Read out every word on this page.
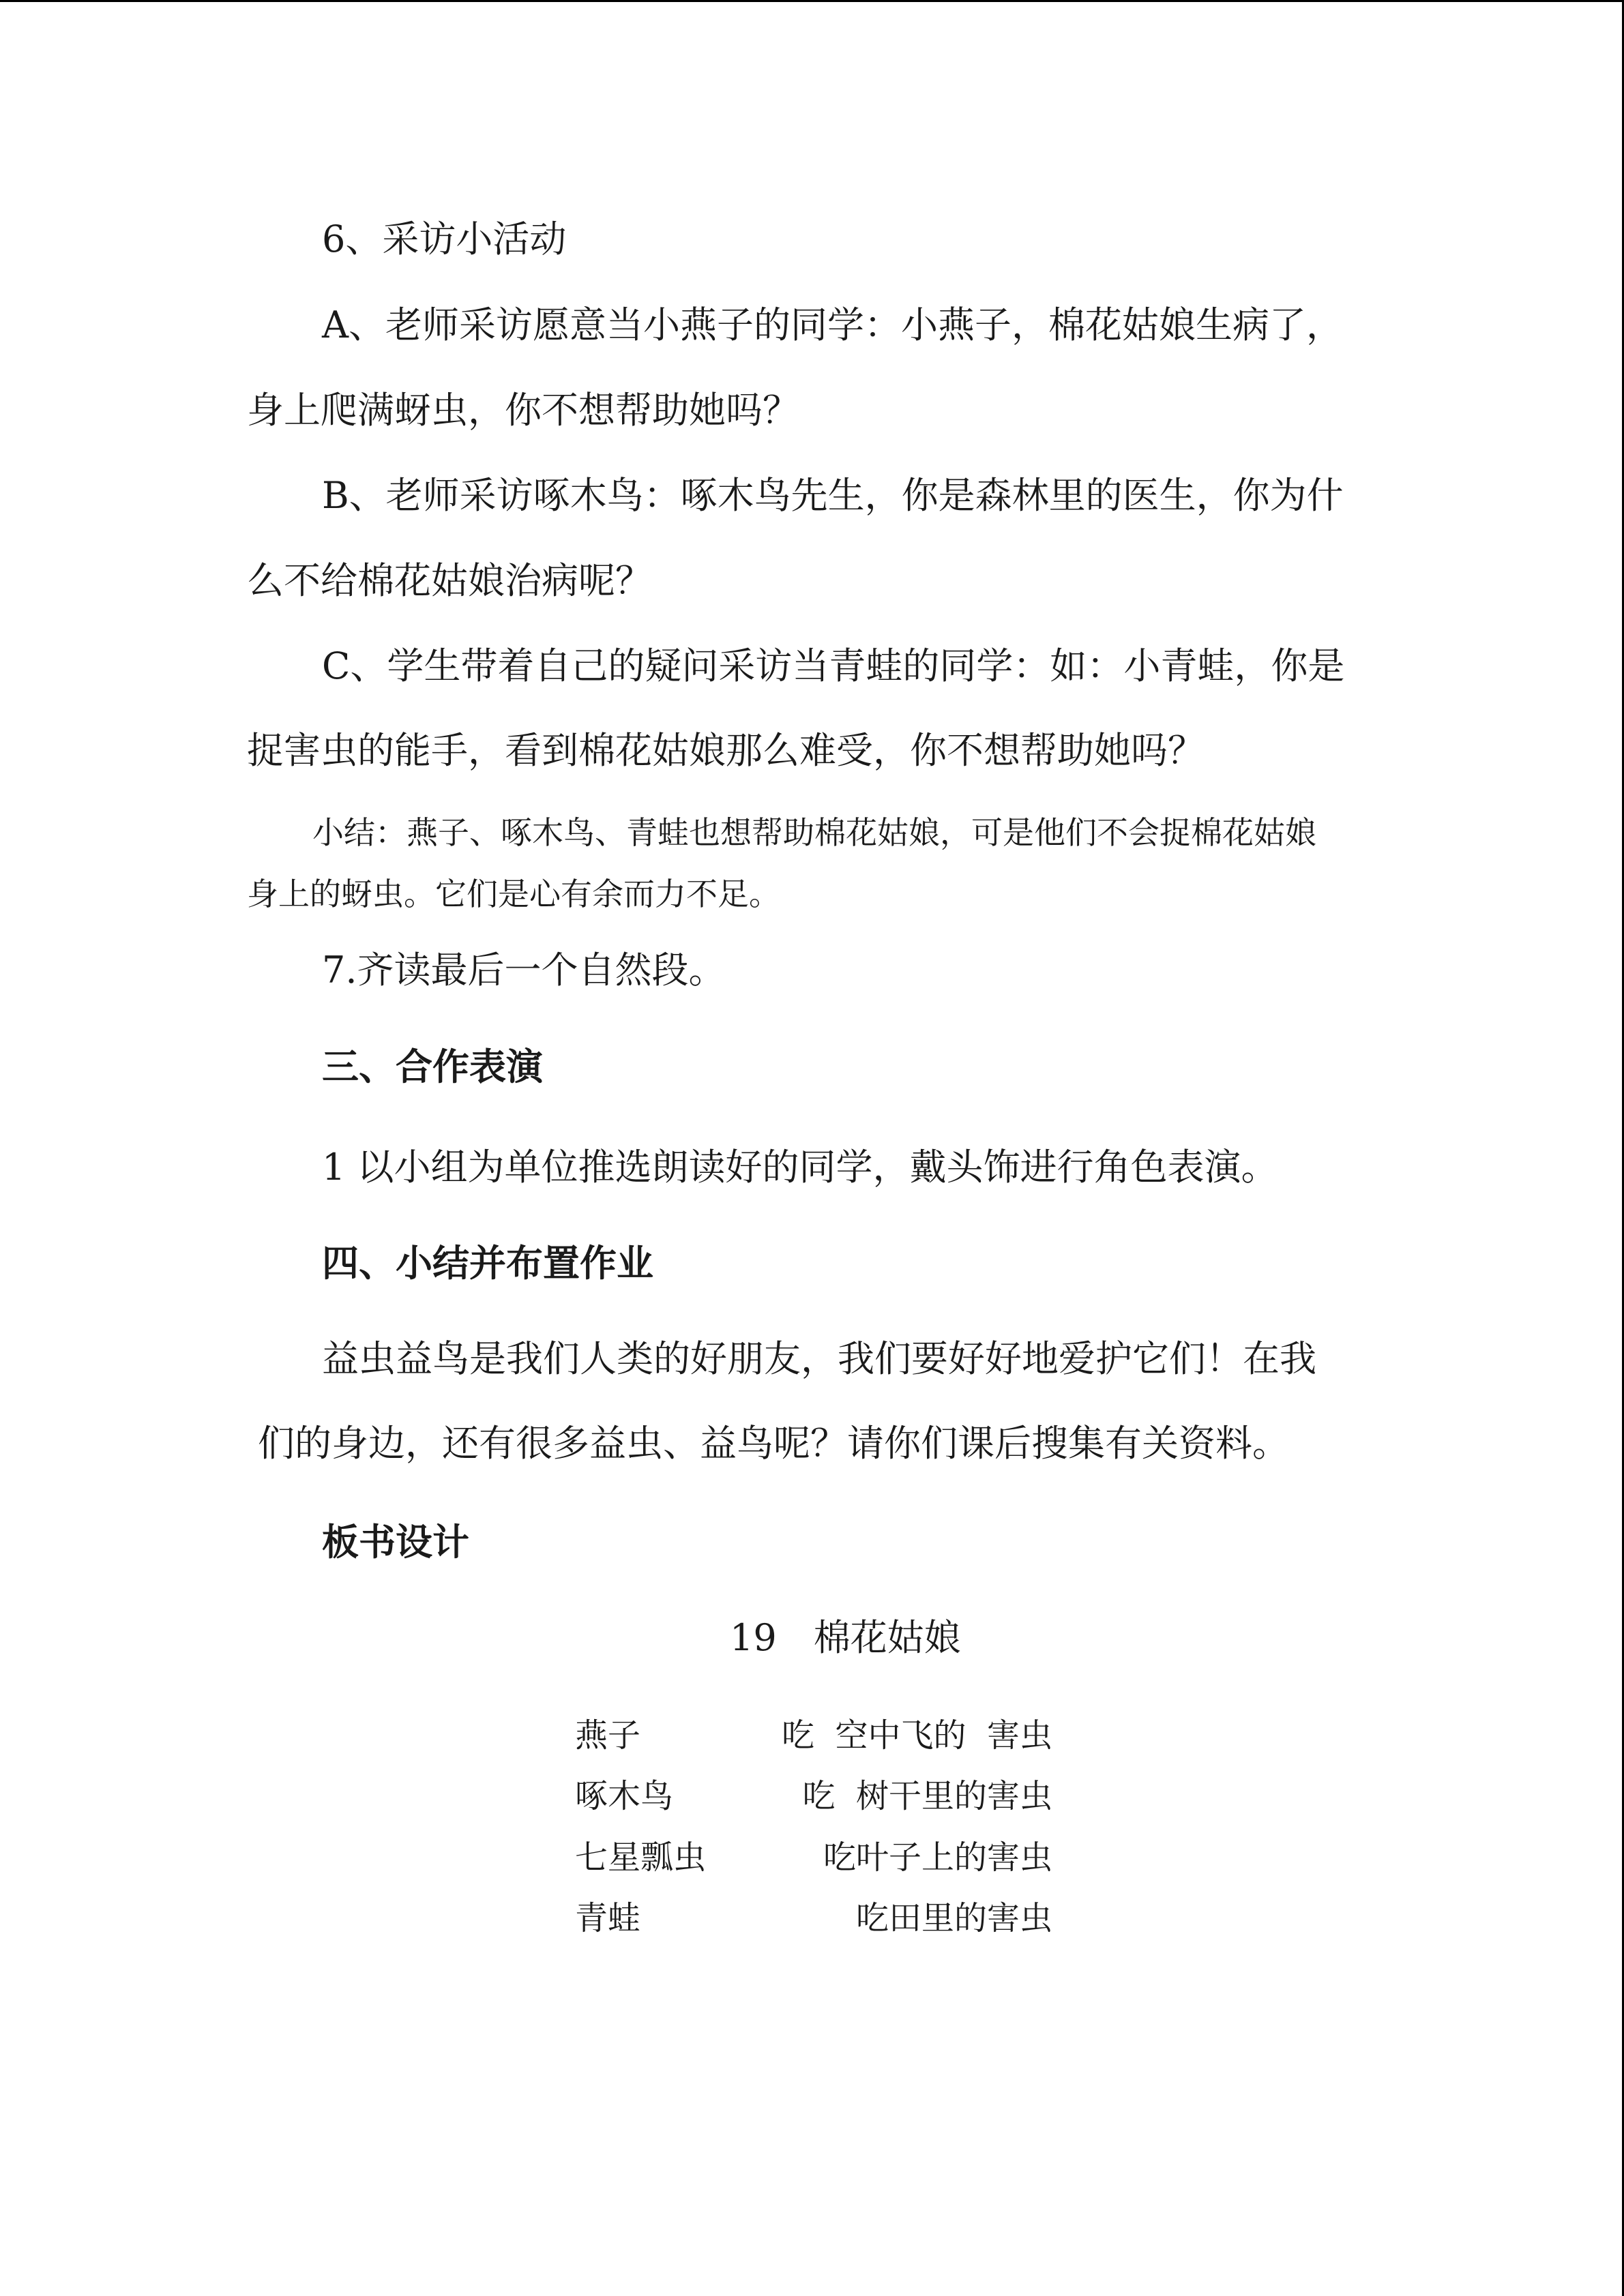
6、采访小活动
A、老师采访愿意当小燕子的同学：小燕子，棉花姑娘生病了，
身上爬满蚜虫，你不想帮助她吗？
B、老师采访啄木鸟：啄木鸟先生，你是森林里的医生，你为什
么不给棉花姑娘治病呢？
C、学生带着自己的疑问采访当青蛙的同学：如：小青蛙，你是
捉害虫的能手，看到棉花姑娘那么难受，你不想帮助她吗？
小结：燕子、啄木鸟、青蛙也想帮助棉花姑娘，可是他们不会捉棉花姑娘
身上的蚜虫。它们是心有余而力不足。
7.齐读最后一个自然段。
三、合作表演
1 以小组为单位推选朗读好的同学，戴头饰进行角色表演。
四、小结并布置作业
益虫益鸟是我们人类的好朋友，我们要好好地爱护它们！在我
们的身边，还有很多益虫、益鸟呢？请你们课后搜集有关资料。
板书设计
19　棉花姑娘
燕子	吃  空中飞的  害虫
啄木鸟	吃  树干里的害虫
七星瓢虫	吃叶子上的害虫
青蛙	吃田里的害虫
